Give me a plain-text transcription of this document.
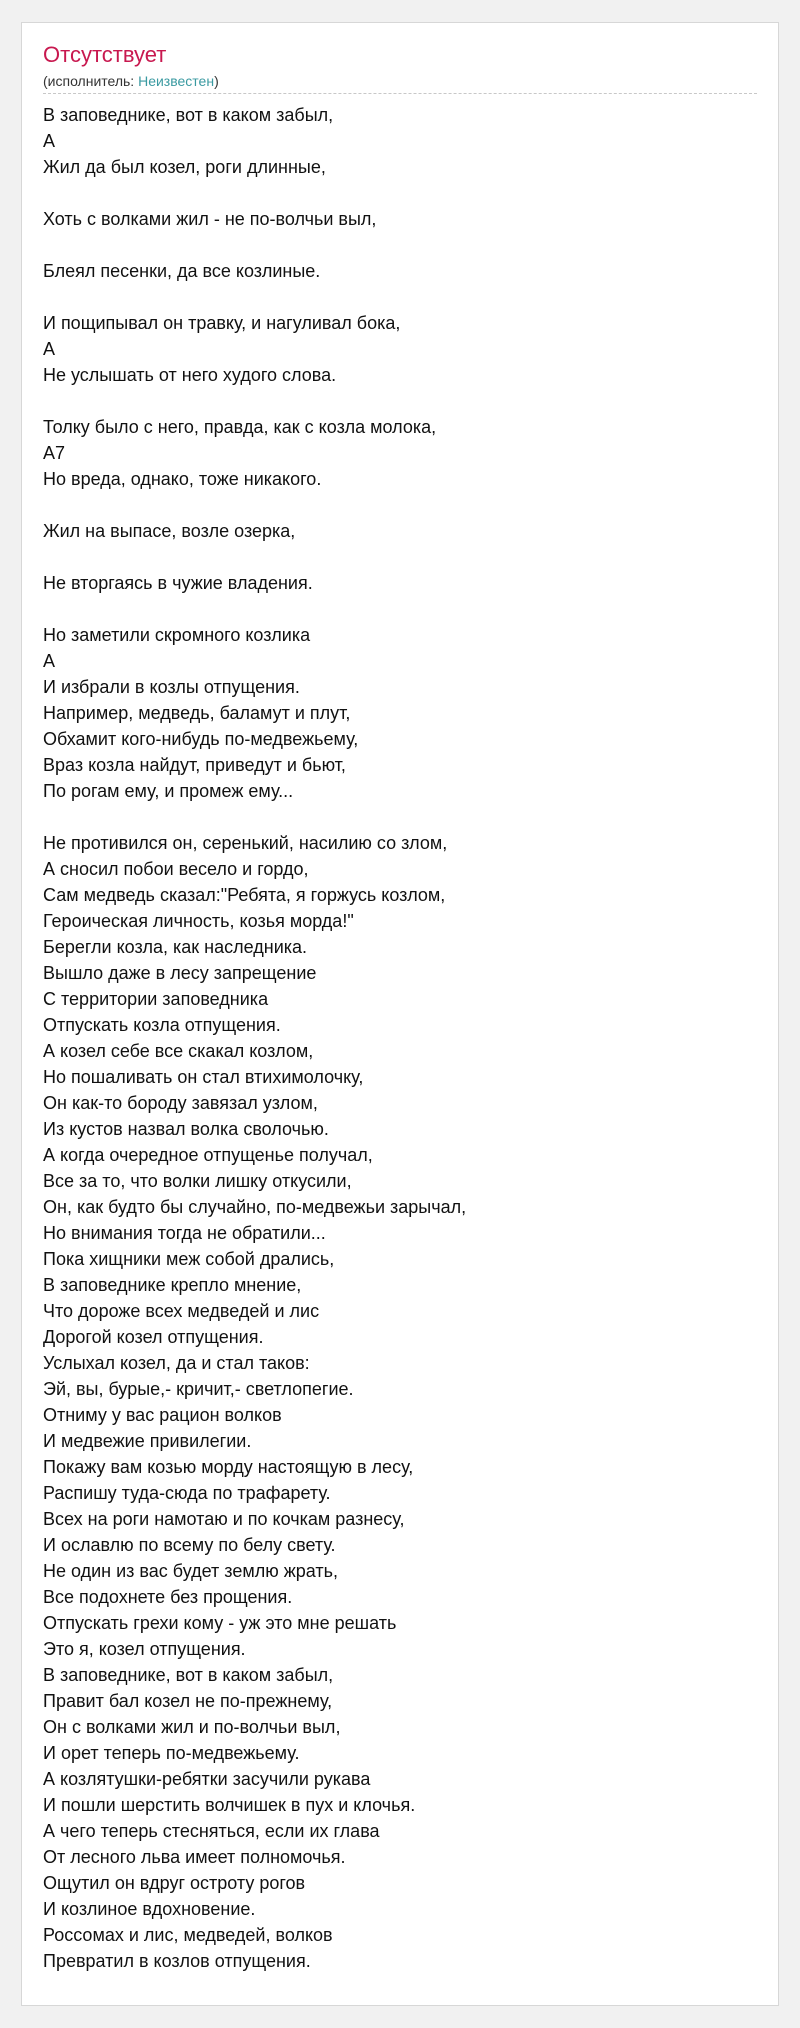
Отсутствует
(исполнитель: Неизвестен)
В заповеднике, вот в каком забыл,
A
Жил да был козел, роги длинные,
Хоть с волками жил - не по-волчьи выл,
Блеял песенки, да все козлиные.
И пощипывал он травку, и нагуливал бока,
A
Не услышать от него худого слова.
Толку было с него, правда, как с козла молока,
A7
Но вреда, однако, тоже никакого.
Жил на выпасе, возле озерка,
Не вторгаясь в чужие владения.
Но заметили скромного козлика
A
И избрали в козлы отпущения.
Например, медведь, баламут и плут,
Обхамит кого-нибудь по-медвежьему,
Враз козла найдут, приведут и бьют,
По рогам ему, и промеж ему...
Не противился он, серенький, насилию со злом,
А сносил побои весело и гордо,
Сам медведь сказал:"Ребята, я горжусь козлом,
Героическая личность, козья морда!"
Берегли козла, как наследника.
Вышло даже в лесу запрещение
С территории заповедника
Отпускать козла отпущения.
А козел себе все скакал козлом,
Но пошаливать он стал втихимолочку,
Он как-то бороду завязал узлом,
Из кустов назвал волка сволочью.
А когда очередное отпущенье получал,
Все за то, что волки лишку откусили,
Он, как будто бы случайно, по-медвежьи зарычал,
Но внимания тогда не обратили...
Пока хищники меж собой дрались,
В заповеднике крепло мнение,
Что дороже всех медведей и лис
Дорогой козел отпущения.
Услыхал козел, да и стал таков:
Эй, вы, бурые,- кричит,- светлопегие.
Отниму у вас рацион волков
И медвежие привилегии.
Покажу вам козью морду настоящую в лесу,
Распишу туда-сюда по трафарету.
Всех на роги намотаю и по кочкам разнесу,
И ославлю по всему по белу свету.
Не один из вас будет землю жрать,
Все подохнете без прощения.
Отпускать грехи кому - уж это мне решать
Это я, козел отпущения.
В заповеднике, вот в каком забыл,
Правит бал козел не по-прежнему,
Он с волками жил и по-волчьи выл,
И орет теперь по-медвежьему.
А козлятушки-ребятки засучили рукава
И пошли шерстить волчишек в пух и клочья.
А чего теперь стесняться, если их глава
От лесного льва имеет полномочья.
Ощутил он вдруг остроту рогов
И козлиное вдохновение.
Россомах и лис, медведей, волков
Превратил в козлов отпущения.
